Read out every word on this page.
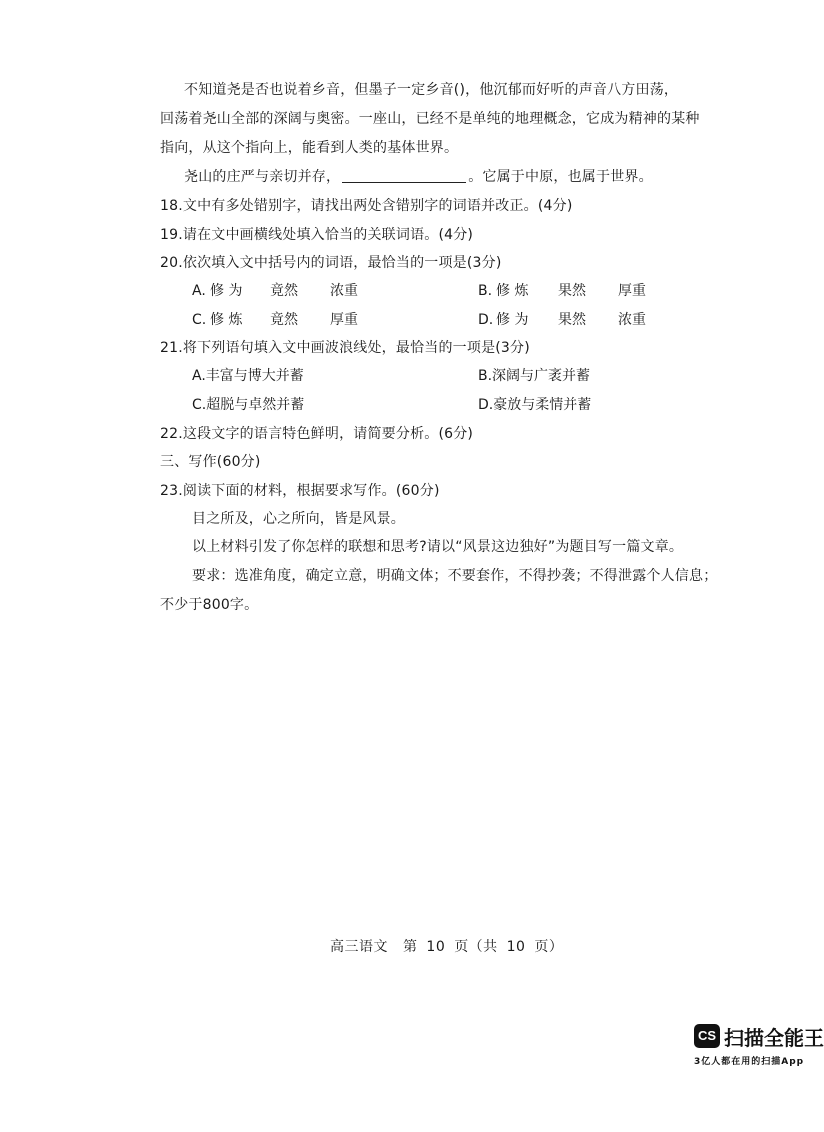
不知道尧是否也说着乡音，但墨子一定乡音()，他沉郁而好听的声音八方田荡，
回荡着尧山全部的深阔与奥密。一座山，已经不是单纯的地理概念，它成为精神的某种
指向，从这个指向上，能看到人类的基体世界。
尧山的庄严与亲切并存，	。它属于中原，也属于世界。
18.文中有多处错别字，请找出两处含错别字的词语并改正。(4分)
19.请在文中画横线处填入恰当的关联词语。(4分)
20.依次填入文中括号内的词语，最恰当的一项是(3分)
A. 修 为 竟然 浓重	B. 修 炼 果然 厚重
C. 修 炼 竟然 厚重	D. 修 为 果然 浓重
21.将下列语句填入文中画波浪线处，最恰当的一项是(3分)
A.丰富与博大并蓄	B.深阔与广袤并蓄
C.超脱与卓然并蓄	D.豪放与柔情并蓄
22.这段文字的语言特色鲜明，请简要分析。(6分)
三、写作(60分)
23.阅读下面的材料，根据要求写作。(60分)
目之所及，心之所向，皆是风景。
以上材料引发了你怎样的联想和思考?请以“风景这边独好”为题目写一篇文章。
要求：选准角度，确定立意，明确文体；不要套作，不得抄袭；不得泄露个人信息；
不少于800字。
高三语文 第 10 页（共 10 页）
CS 扫描全能王
3亿人都在用的扫描App
